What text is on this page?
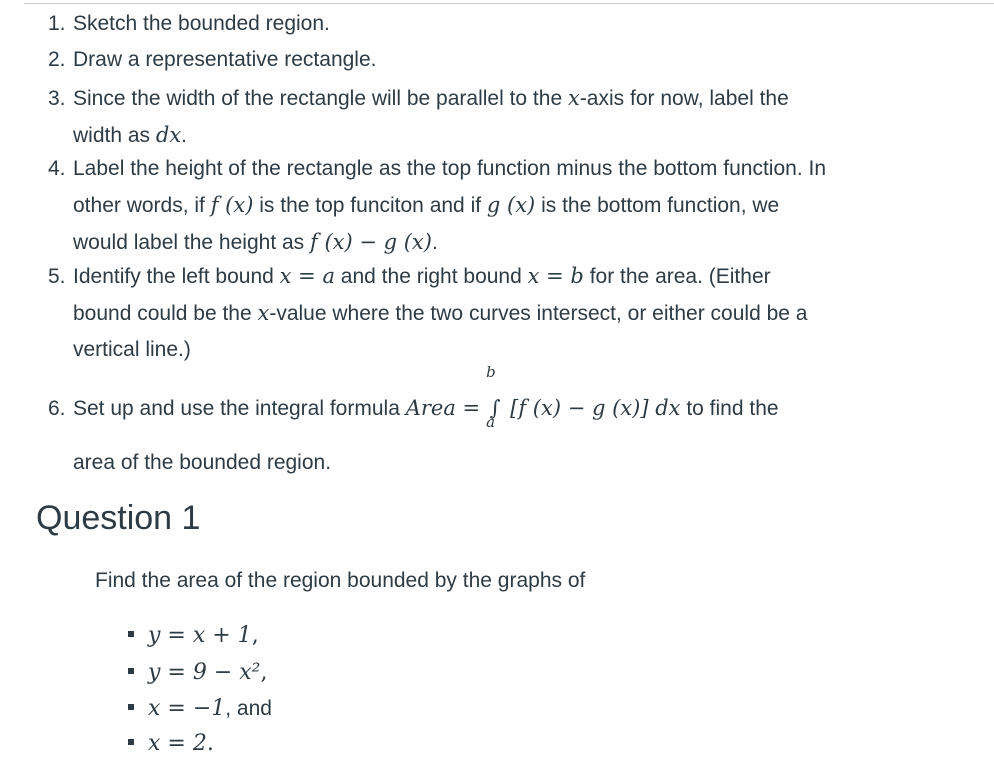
1. Sketch the bounded region.
2. Draw a representative rectangle.
3. Since the width of the rectangle will be parallel to the x-axis for now, label the
width as dx.
4. Label the height of the rectangle as the top function minus the bottom function. In
other words, if f (x) is the top funciton and if g (x) is the bottom function, we
would label the height as f (x) − g (x).
5. Identify the left bound x = a and the right bound x = b for the area. (Either
bound could be the x-value where the two curves intersect, or either could be a
vertical line.)
6. Set up and use the integral formula Area =
b
∫
a
[f (x) − g (x)] dx to find the
area of the bounded region.
Question 1
Find the area of the region bounded by the graphs of
y = x + 1,
y = 9 − x²,
x = −1, and
x = 2.
